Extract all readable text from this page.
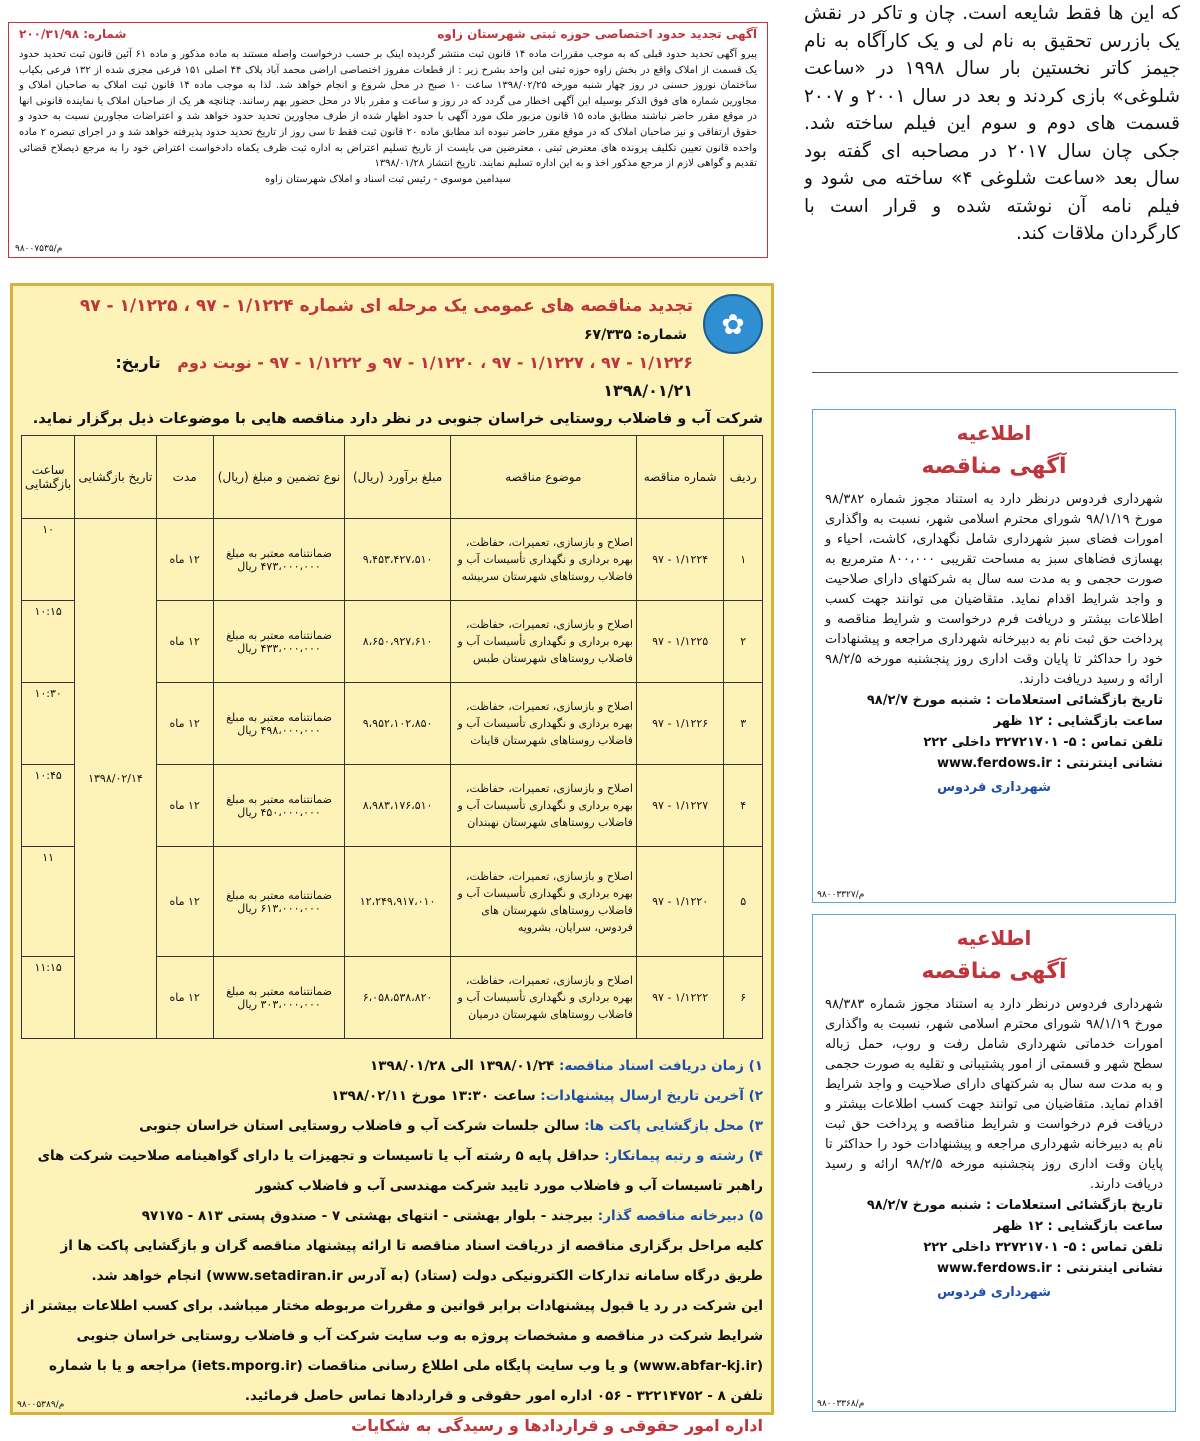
آگهی تجدید حدود اختصاصی حوزه ثبتی شهرستان زاوه
شماره: ۲۰۰/۳۱/۹۸
پیرو آگهی تحدید حدود قبلی که به موجب مقررات ماده ۱۴ قانون ثبت منتشر گردیده اینک بر حسب درخواست واصله مستند به ماده مذکور و ماده ۶۱ آئین قانون ثبت تحدید حدود یک قسمت از املاک واقع در بخش زاوه حوزه ثبتی این واحد بشرح زیر : از قطعات مفروز اختصاصی اراضی محمد آباد پلاک ۴۴ اصلی ۱۵۱ فرعی مجزی شده از ۱۳۲ فرعی بکیاب ساختمان نوروز حسنی در روز چهار شنبه مورخه ۱۳۹۸/۰۲/۲۵ ساعت ۱۰ صبح در محل شروع و انجام خواهد شد. لذا به موجب ماده ۱۴ قانون ثبت املاک به صاحبان املاک و مجاورین شماره های فوق الذکر بوسیله این آگهی اخطار می گردد که در روز و ساعت و مقرر بالا در محل حضور بهم رسانند. چنانچه هر یک از صاحبان املاک یا نماینده قانونی انها در موقع مقرر حاضر نباشند مطابق ماده ۱۵ قانون مزبور ملک مورد آگهی با حدود اظهار شده از طرف مجاورین تحدید حدود خواهد شد و اعتراضات مجاورین نسبت به حدود و حقوق ارتفاقی و نیز صاحبان املاک که در موقع مقرر حاضر نبوده اند مطابق ماده ۲۰ قانون ثبت فقط تا سی روز از تاریخ تحدید حدود پذیرفته خواهد شد و در اجرای تبصره ۲ ماده واحده قانون تعیین تکلیف پرونده های معترض ثبتی ، معترضین می بایست از تاریخ تسلیم اعتراض به اداره ثبت ظرف یکماه دادخواست اعتراض خود را به مرجع ذیصلاح قضائی تقدیم و گواهی لازم از مرجع مذکور اخذ و به این اداره تسلیم نمایند. تاریخ انتشار ۱۳۹۸/۰۱/۲۸
سیدامین موسوی - رئیس ثبت اسناد و املاک شهرستان زاوه
م/۹۸۰۰۷۵۳۵
که این ها فقط شایعه است. چان و تاکر در نقش یک بازرس تحقیق به نام لی و یک کارآگاه به نام جیمز کاتر نخستین بار سال ۱۹۹۸ در «ساعت شلوغی» بازی کردند و بعد در سال ۲۰۰۱ و ۲۰۰۷ قسمت های دوم و سوم این فیلم ساخته شد. جکی چان سال ۲۰۱۷ در مصاحبه ای گفته بود سال بعد «ساعت شلوغی ۴» ساخته می شود و فیلم نامه آن نوشته شده و قرار است با کارگردان ملاقات کند.
✿
تجدید مناقصه های عمومی یک مرحله ای شماره ۱/۱۲۲۴ - ۹۷ ، ۱/۱۲۲۵ - ۹۷  شماره: ۶۷/۳۳۵
۱/۱۲۲۶ - ۹۷ ، ۱/۱۲۲۷ - ۹۷ ، ۱/۱۲۲۰ - ۹۷ و ۱/۱۲۲۲ - ۹۷ - نوبت دوم   تاریخ: ۱۳۹۸/۰۱/۲۱
شرکت آب و فاضلاب روستایی خراسان جنوبی در نظر دارد مناقصه هایی با موضوعات ذیل برگزار نماید.
ردیف	شماره مناقصه	موضوع مناقصه	مبلغ برآورد (ریال)	نوع تضمین و مبلغ (ریال)	مدت	تاریخ بازگشایی	ساعت بازگشایی
۱	۱/۱۲۲۴ - ۹۷	اصلاح و بازسازی، تعمیرات، حفاظت، بهره برداری و نگهداری تأسیسات آب و فاضلاب روستاهای شهرستان سربیشه	۹،۴۵۳،۴۲۷،۵۱۰	ضمانتنامه معتبر به مبلغ ۴۷۳،۰۰۰،۰۰۰ ریال	۱۲ ماه	۱۳۹۸/۰۲/۱۴	۱۰
۲	۱/۱۲۲۵ - ۹۷	اصلاح و بازسازی، تعمیرات، حفاظت، بهره برداری و نگهداری تأسیسات آب و فاضلاب روستاهای شهرستان طبس	۸،۶۵۰،۹۲۷،۶۱۰	ضمانتنامه معتبر به مبلغ ۴۳۳،۰۰۰،۰۰۰ ریال	۱۲ ماه		۱۰:۱۵
۳	۱/۱۲۲۶ - ۹۷	اصلاح و بازسازی، تعمیرات، حفاظت، بهره برداری و نگهداری تأسیسات آب و فاضلاب روستاهای شهرستان قاینات	۹،۹۵۲،۱۰۲،۸۵۰	ضمانتنامه معتبر به مبلغ ۴۹۸،۰۰۰،۰۰۰ ریال	۱۲ ماه		۱۰:۳۰
۴	۱/۱۲۲۷ - ۹۷	اصلاح و بازسازی، تعمیرات، حفاظت، بهره برداری و نگهداری تأسیسات آب و فاضلاب روستاهای شهرستان نهبندان	۸،۹۸۳،۱۷۶،۵۱۰	ضمانتنامه معتبر به مبلغ ۴۵۰،۰۰۰،۰۰۰ ریال	۱۲ ماه		۱۰:۴۵
۵	۱/۱۲۲۰ - ۹۷	اصلاح و بازسازی، تعمیرات، حفاظت، بهره برداری و نگهداری تأسیسات آب و فاضلاب روستاهای شهرستان های فردوس، سرایان، بشرویه	۱۲،۲۴۹،۹۱۷،۰۱۰	ضمانتنامه معتبر به مبلغ ۶۱۳،۰۰۰،۰۰۰ ریال	۱۲ ماه		۱۱
۶	۱/۱۲۲۲ - ۹۷	اصلاح و بازسازی، تعمیرات، حفاظت، بهره برداری و نگهداری تأسیسات آب و فاضلاب روستاهای شهرستان درمیان	۶،۰۵۸،۵۳۸،۸۲۰	ضمانتنامه معتبر به مبلغ ۳۰۳،۰۰۰،۰۰۰ ریال	۱۲ ماه		۱۱:۱۵
۱) زمان دریافت اسناد مناقصه: ۱۳۹۸/۰۱/۲۴ الی ۱۳۹۸/۰۱/۲۸
۲) آخرین تاریخ ارسال پیشنهادات: ساعت ۱۳:۳۰ مورخ ۱۳۹۸/۰۲/۱۱
۳) محل بازگشایی پاکت ها: سالن جلسات شرکت آب و فاضلاب روستایی استان خراسان جنوبی
۴) رشته و رتبه پیمانکار: حداقل پایه ۵ رشته آب یا تاسیسات و تجهیزات یا دارای گواهینامه صلاحیت شرکت های راهبر تاسیسات آب و فاضلاب مورد تایید شرکت مهندسی آب و فاضلاب کشور
۵) دبیرخانه مناقصه گذار: بیرجند - بلوار بهشتی - انتهای بهشتی ۷ - صندوق پستی ۸۱۳ - ۹۷۱۷۵
کلیه مراحل برگزاری مناقصه از دریافت اسناد مناقصه تا ارائه پیشنهاد مناقصه گران و بازگشایی پاکت ها از طریق درگاه سامانه تدارکات الکترونیکی دولت (ستاد) (به آدرس www.setadiran.ir) انجام خواهد شد.
این شرکت در رد یا قبول پیشنهادات برابر قوانین و مقررات مربوطه مختار میباشد. برای کسب اطلاعات بیشتر از شرایط شرکت در مناقصه و مشخصات پروژه به وب سایت شرکت آب و فاضلاب روستایی خراسان جنوبی (www.abfar-kj.ir) و یا وب سایت پایگاه ملی اطلاع رسانی مناقصات (iets.mporg.ir) مراجعه و یا با شماره تلفن ۸ - ۳۲۲۱۴۷۵۲ - ۰۵۶ اداره امور حقوقی و قراردادها تماس حاصل فرمائید.
اداره امور حقوقی و قراردادها و رسیدگی به شکایات
م/۹۸۰۰۵۳۸۹
اطلاعیه
آگهی مناقصه
شهرداری فردوس درنظر دارد به استناد مجوز شماره ۹۸/۳۸۲ مورخ ۹۸/۱/۱۹ شورای محترم اسلامی شهر، نسبت به واگذاری امورات فضای سبز شهرداری شامل نگهداری، کاشت، احیاء و بهسازی فضاهای سبز به مساحت تقریبی ۸۰۰،۰۰۰ مترمربع به صورت حجمی و به مدت سه سال به شرکتهای دارای صلاحیت و واجد شرایط اقدام نماید. متقاضیان می توانند جهت کسب اطلاعات بیشتر و دریافت فرم درخواست و شرایط مناقصه و پرداخت حق ثبت نام به دبیرخانه شهرداری مراجعه و پیشنهادات خود را حداکثر تا پایان وقت اداری روز پنجشنبه مورخه ۹۸/۲/۵ ارائه و رسید دریافت دارند.
تاریخ بازگشائی استعلامات : شنبه مورخ ۹۸/۲/۷
ساعت بازگشایی : ۱۲ ظهر
تلفن تماس : ۵- ۳۲۷۲۱۷۰۱ داخلی ۲۲۲
نشانی اینترنتی : www.ferdows.ir
شهرداری فردوس
م/۹۸۰۰۳۳۲۷
اطلاعیه
آگهی مناقصه
شهرداری فردوس درنظر دارد به استناد مجوز شماره ۹۸/۳۸۳ مورخ ۹۸/۱/۱۹ شورای محترم اسلامی شهر، نسبت به واگذاری امورات خدماتی شهرداری شامل رفت و روب، حمل زباله سطح شهر و قسمتی از امور پشتیبانی و تقلیه به صورت حجمی و به مدت سه سال به شرکتهای دارای صلاحیت و واجد شرایط اقدام نماید. متقاضیان می توانند جهت کسب اطلاعات بیشتر و دریافت فرم درخواست و شرایط مناقصه و پرداخت حق ثبت نام به دبیرخانه شهرداری مراجعه و پیشنهادات خود را حداکثر تا پایان وقت اداری روز پنجشنبه مورخه ۹۸/۲/۵ ارائه و رسید دریافت دارند.
تاریخ بازگشائی استعلامات : شنبه مورخ ۹۸/۲/۷
ساعت بازگشایی : ۱۲ ظهر
تلفن تماس : ۵- ۳۲۷۲۱۷۰۱ داخلی ۲۲۲
نشانی اینترنتی : www.ferdows.ir
شهرداری فردوس
م/۹۸۰۰۳۳۶۸
